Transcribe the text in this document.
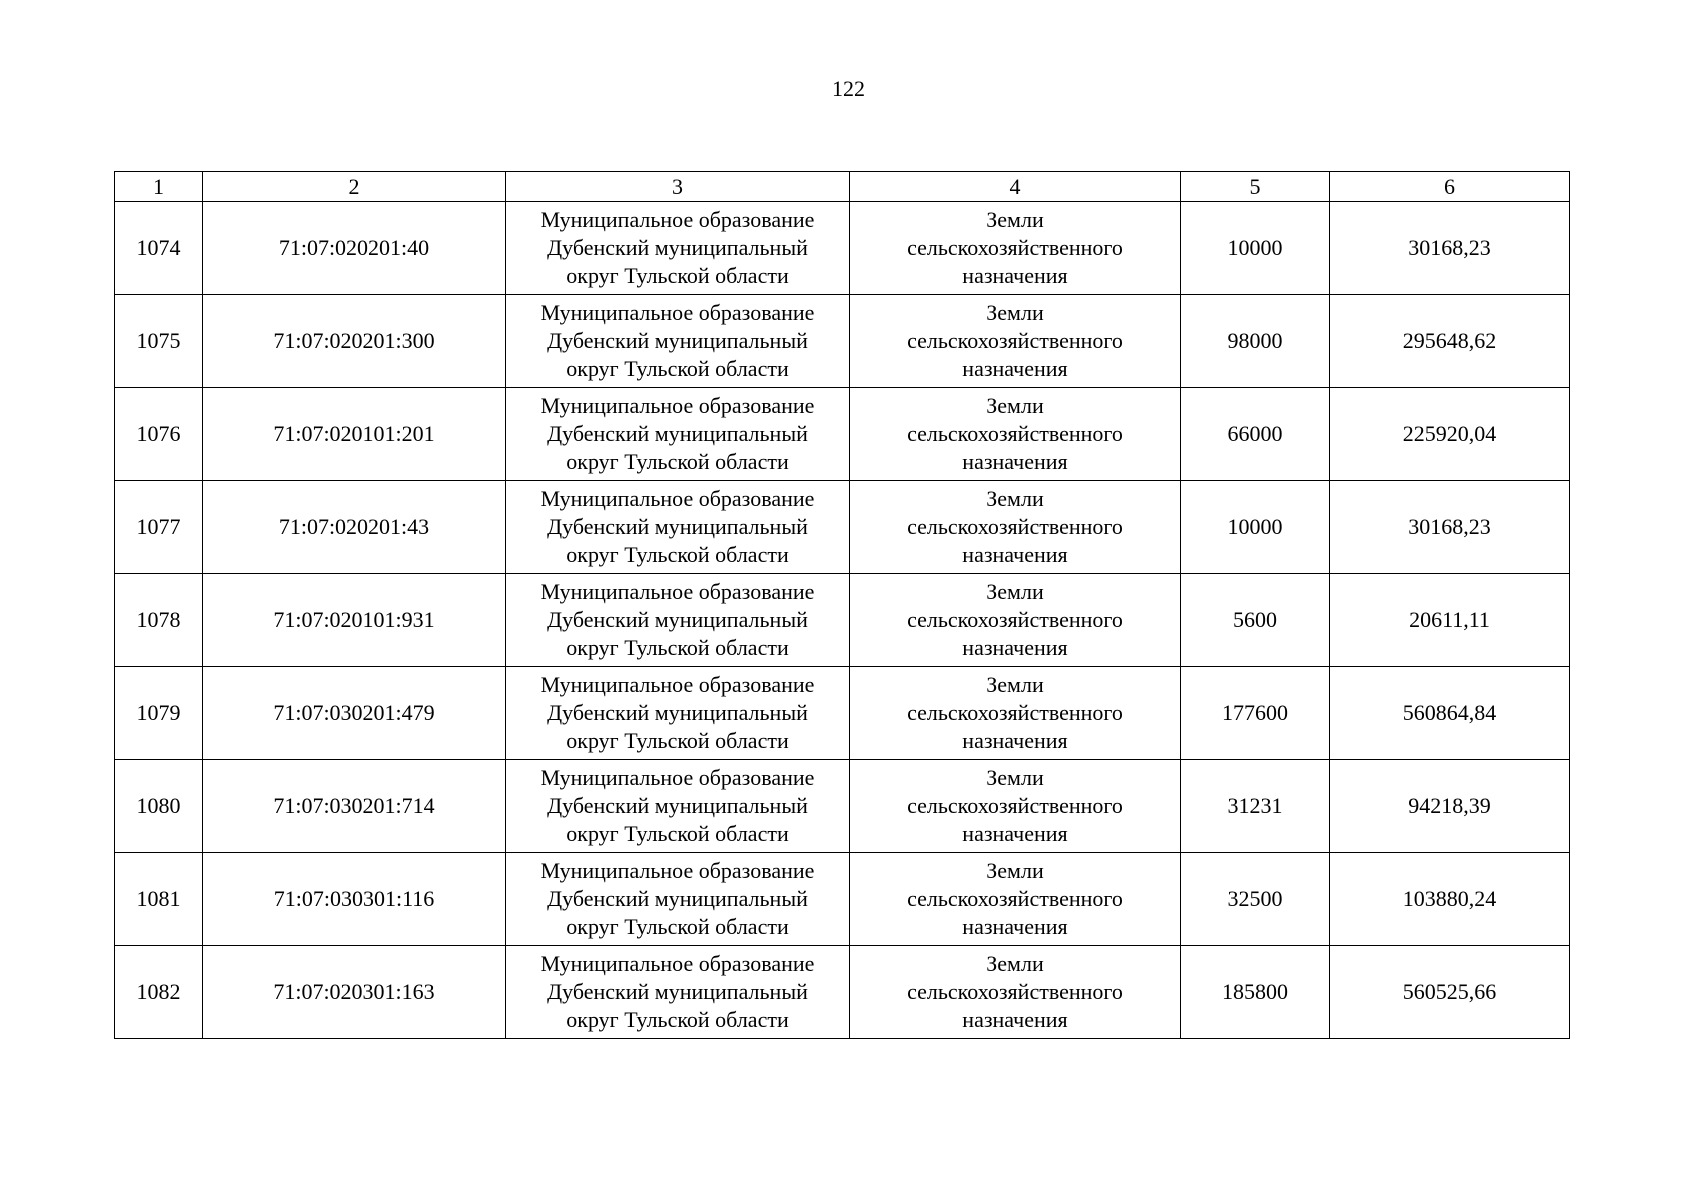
122
1	2	3	4	5	6
1074	71:07:020201:40	Муниципальное образование
Дубенский муниципальный
округ Тульской области	Земли
сельскохозяйственного
назначения	10000	30168,23
1075	71:07:020201:300	Муниципальное образование
Дубенский муниципальный
округ Тульской области	Земли
сельскохозяйственного
назначения	98000	295648,62
1076	71:07:020101:201	Муниципальное образование
Дубенский муниципальный
округ Тульской области	Земли
сельскохозяйственного
назначения	66000	225920,04
1077	71:07:020201:43	Муниципальное образование
Дубенский муниципальный
округ Тульской области	Земли
сельскохозяйственного
назначения	10000	30168,23
1078	71:07:020101:931	Муниципальное образование
Дубенский муниципальный
округ Тульской области	Земли
сельскохозяйственного
назначения	5600	20611,11
1079	71:07:030201:479	Муниципальное образование
Дубенский муниципальный
округ Тульской области	Земли
сельскохозяйственного
назначения	177600	560864,84
1080	71:07:030201:714	Муниципальное образование
Дубенский муниципальный
округ Тульской области	Земли
сельскохозяйственного
назначения	31231	94218,39
1081	71:07:030301:116	Муниципальное образование
Дубенский муниципальный
округ Тульской области	Земли
сельскохозяйственного
назначения	32500	103880,24
1082	71:07:020301:163	Муниципальное образование
Дубенский муниципальный
округ Тульской области	Земли
сельскохозяйственного
назначения	185800	560525,66
